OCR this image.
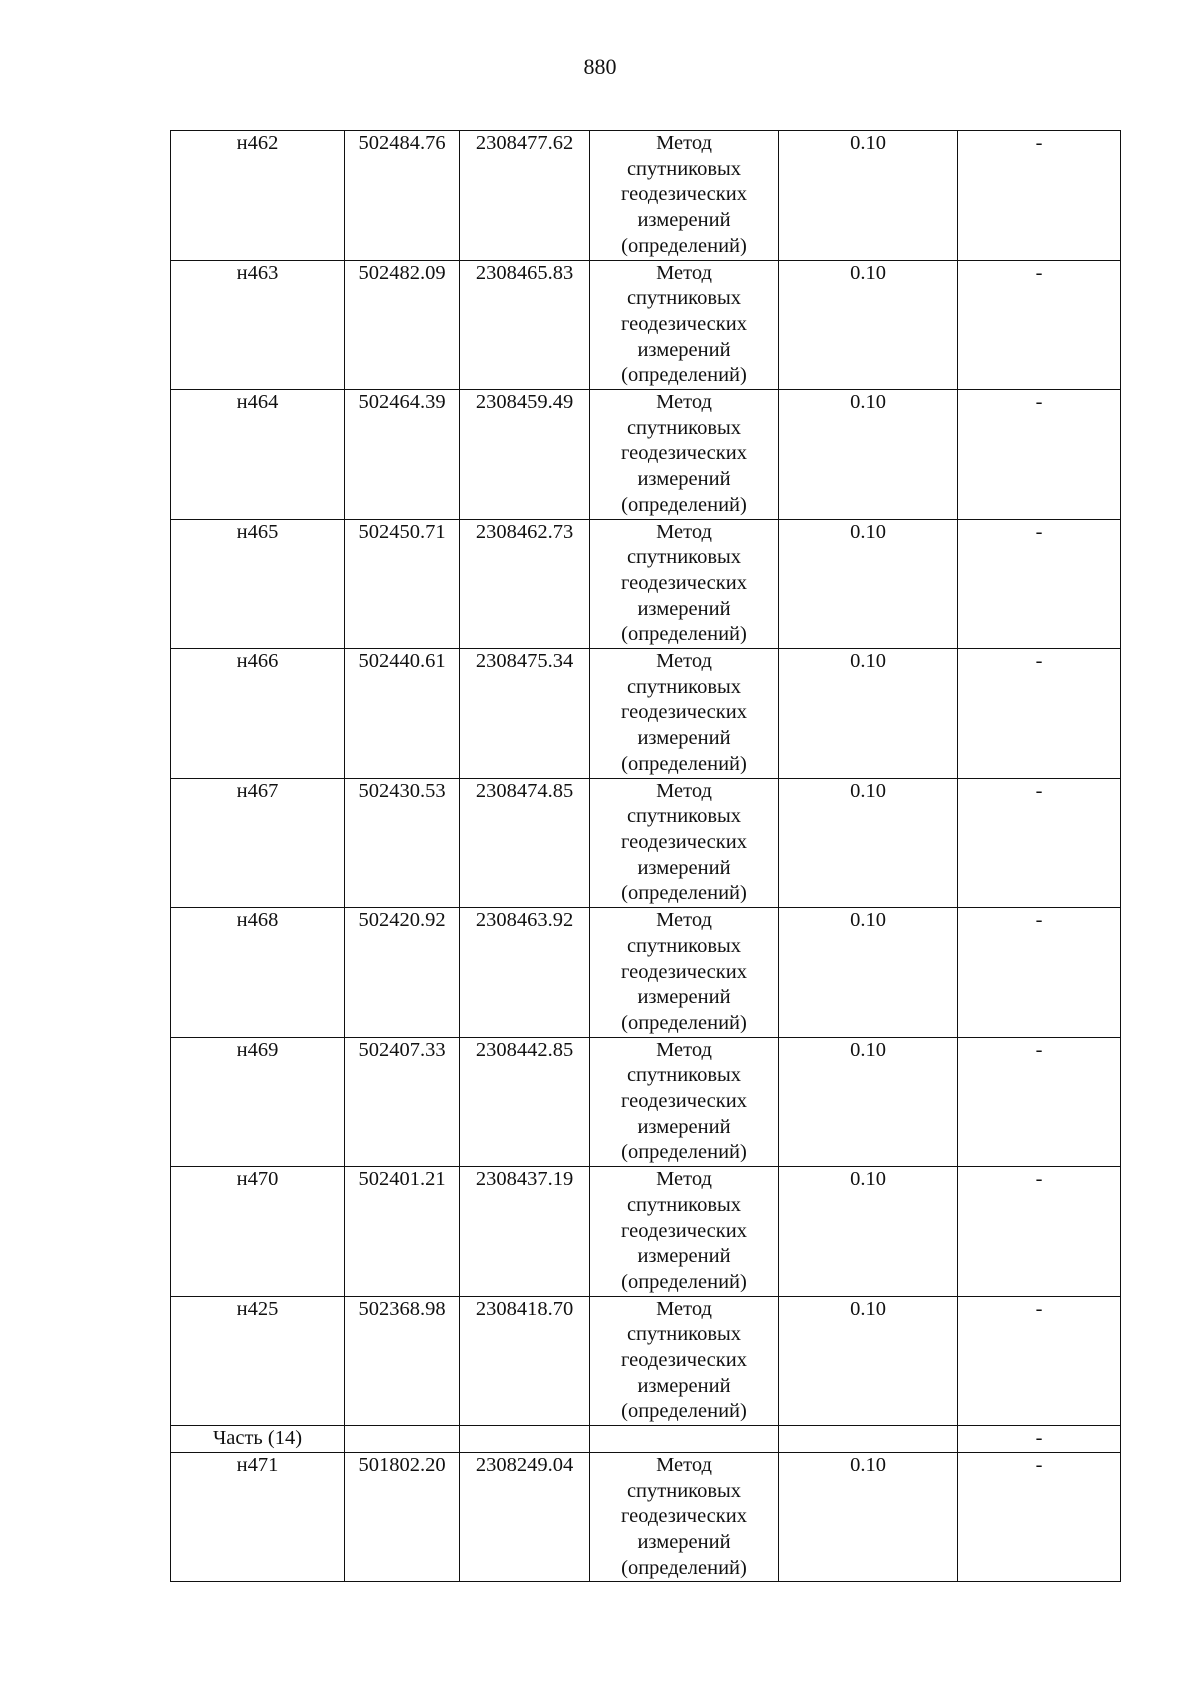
880
н462	502484.76	2308477.62	Метод
спутниковых
геодезических
измерений
(определений)	0.10	-
н463	502482.09	2308465.83	Метод
спутниковых
геодезических
измерений
(определений)	0.10	-
н464	502464.39	2308459.49	Метод
спутниковых
геодезических
измерений
(определений)	0.10	-
н465	502450.71	2308462.73	Метод
спутниковых
геодезических
измерений
(определений)	0.10	-
н466	502440.61	2308475.34	Метод
спутниковых
геодезических
измерений
(определений)	0.10	-
н467	502430.53	2308474.85	Метод
спутниковых
геодезических
измерений
(определений)	0.10	-
н468	502420.92	2308463.92	Метод
спутниковых
геодезических
измерений
(определений)	0.10	-
н469	502407.33	2308442.85	Метод
спутниковых
геодезических
измерений
(определений)	0.10	-
н470	502401.21	2308437.19	Метод
спутниковых
геодезических
измерений
(определений)	0.10	-
н425	502368.98	2308418.70	Метод
спутниковых
геодезических
измерений
(определений)	0.10	-
Часть (14)					-
н471	501802.20	2308249.04	Метод
спутниковых
геодезических
измерений
(определений)	0.10	-
